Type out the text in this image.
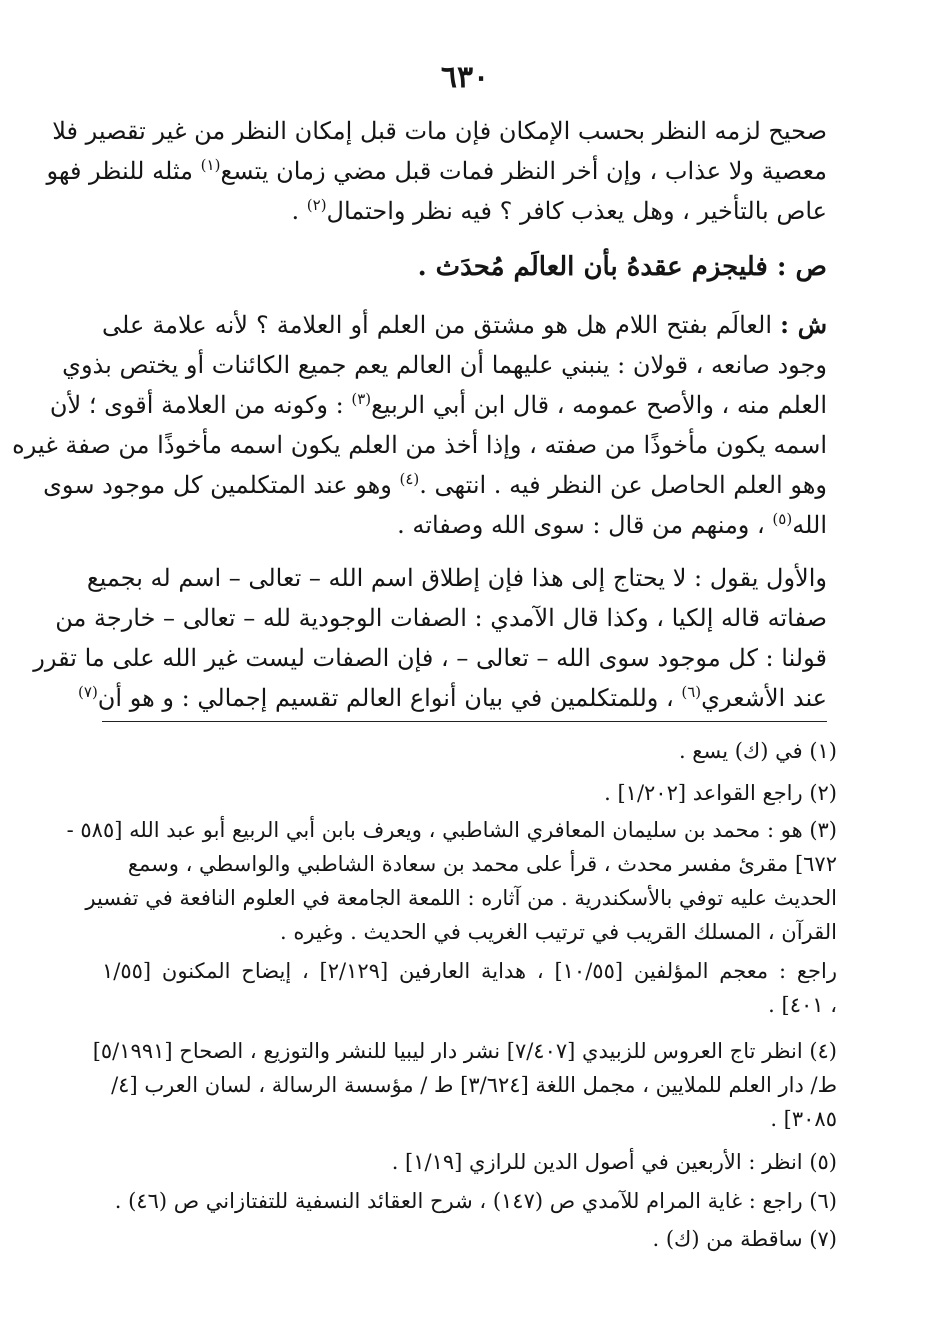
٦٣٠
صحيح لزمه النظر بحسب الإمكان فإن مات قبل إمكان النظر من غير تقصير فلا
معصية ولا عذاب ، وإن أخر النظر فمات قبل مضي زمان يتسع$^{(١)}$ مثله للنظر فهو
عاص بالتأخير ، وهل يعذب كافر ؟ فيه نظر واحتمال$^{(٢)}$ .
ص : فليجزم عقدهُ بأن العالَم مُحدَث .
ش : العالَم بفتح اللام هل هو مشتق من العلم أو العلامة ؟ لأنه علامة على
وجود صانعه ، قولان : ينبني عليهما أن العالم يعم جميع الكائنات أو يختص بذوي
العلم منه ، والأصح عمومه ، قال ابن أبي الربيع$^{(٣)}$ : وكونه من العلامة أقوى ؛ لأن
اسمه يكون مأخوذًا من صفته ، وإذا أخذ من العلم يكون اسمه مأخوذًا من صفة غيره
وهو العلم الحاصل عن النظر فيه . انتهى .$^{(٤)}$ وهو عند المتكلمين كل موجود سوى
الله$^{(٥)}$ ، ومنهم من قال : سوى الله وصفاته .
والأول يقول : لا يحتاج إلى هذا فإن إطلاق اسم الله – تعالى – اسم له بجميع
صفاته قاله إلكيا ، وكذا قال الآمدي : الصفات الوجودية لله – تعالى – خارجة من
قولنا : كل موجود سوى الله – تعالى – ، فإن الصفات ليست غير الله على ما تقرر
عند الأشعري$^{(٦)}$ ، وللمتكلمين في بيان أنواع العالم تقسيم إجمالي : و هو أن$^{(٧)}$
(١) في (ك) يسع .
(٢) راجع القواعد [١/٢٠٢] .
(٣) هو : محمد بن سليمان المعافري الشاطبي ، ويعرف بابن أبي الربيع أبو عبد الله [٥٨٥ -
٦٧٢] مقرئ مفسر محدث ، قرأ على محمد بن سعادة الشاطبي والواسطي ، وسمع
الحديث عليه توفي بالأسكندرية . من آثاره : اللمعة الجامعة في العلوم النافعة في تفسير
القرآن ، المسلك القريب في ترتيب الغريب في الحديث . وغيره .
راجع : معجم المؤلفين [١٠/٥٥] ، هداية العارفين [٢/١٢٩] ، إيضاح المكنون [١/٥٥
، ٤٠١] .
(٤) انظر تاج العروس للزبيدي [٧/٤٠٧] نشر دار ليبيا للنشر والتوزيع ، الصحاح [٥/١٩٩١]
ط/ دار العلم للملايين ، مجمل اللغة [٣/٦٢٤] ط / مؤسسة الرسالة ، لسان العرب [٤/
٣٠٨٥] .
(٥) انظر : الأربعين في أصول الدين للرازي [١/١٩] .
(٦) راجع : غاية المرام للآمدي ص (١٤٧) ، شرح العقائد النسفية للتفتازاني ص (٤٦) .
(٧) ساقطة من (ك) .
